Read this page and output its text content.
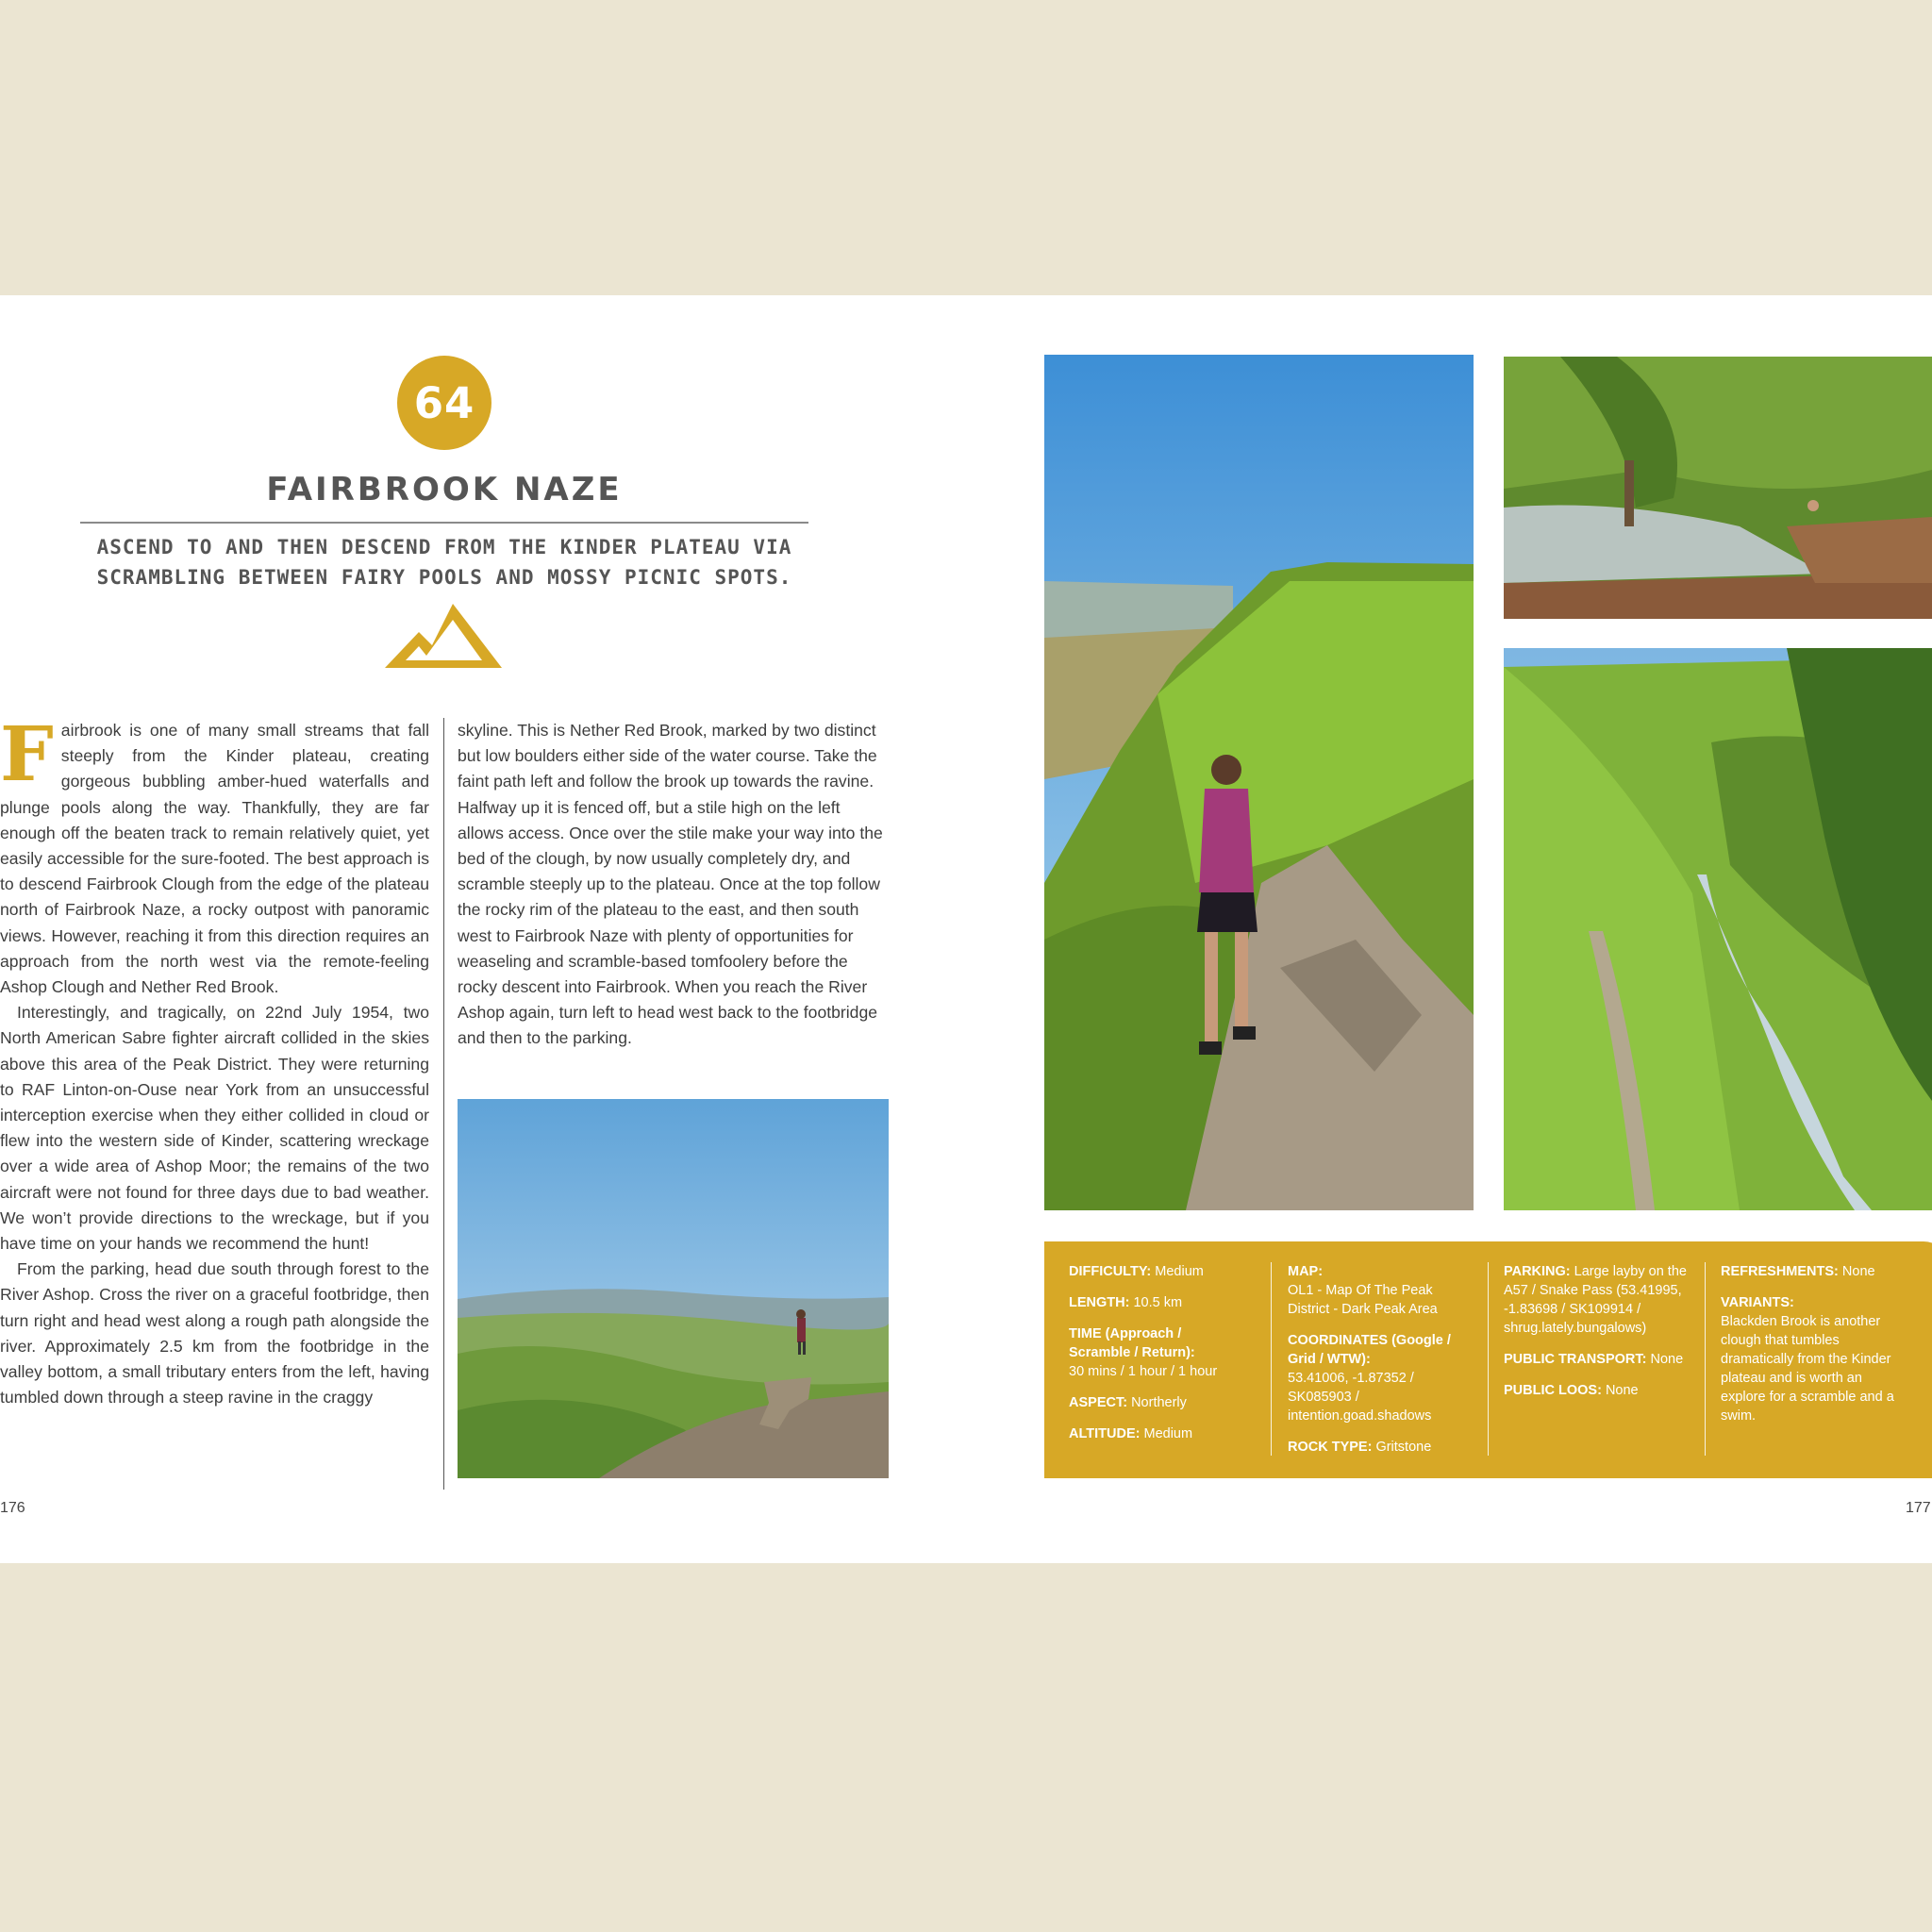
64
FAIRBROOK NAZE
ASCEND TO AND THEN DESCEND FROM THE KINDER PLATEAU VIA
SCRAMBLING BETWEEN FAIRY POOLS AND MOSSY PICNIC SPOTS.

Fairbrook is one of many small streams that fall steeply from the Kinder plateau, creating gorgeous bubbling amber-hued waterfalls and plunge pools along the way. Thankfully, they are far enough off the beaten track to remain relatively quiet, yet easily accessible for the sure-footed. The best approach is to descend Fairbrook Clough from the edge of the plateau north of Fairbrook Naze, a rocky outpost with panoramic views. However, reaching it from this direction requires an approach from the north west via the remote-feeling Ashop Clough and Nether Red Brook.

Interestingly, and tragically, on 22nd July 1954, two North American Sabre fighter aircraft collided in the skies above this area of the Peak District. They were returning to RAF Linton-on-Ouse near York from an unsuccessful interception exercise when they either collided in cloud or flew into the western side of Kinder, scattering wreckage over a wide area of Ashop Moor; the remains of the two aircraft were not found for three days due to bad weather. We won’t provide directions to the wreckage, but if you have time on your hands we recommend the hunt!

From the parking, head due south through forest to the River Ashop. Cross the river on a graceful footbridge, then turn right and head west along a rough path alongside the river. Approximately 2.5 km from the footbridge in the valley bottom, a small tributary enters from the left, having tumbled down through a steep ravine in the craggy

skyline. This is Nether Red Brook, marked by two distinct but low boulders either side of the water course. Take the faint path left and follow the brook up towards the ravine. Halfway up it is fenced off, but a stile high on the left allows access. Once over the stile make your way into the bed of the clough, by now usually completely dry, and scramble steeply up to the plateau. Once at the top follow the rocky rim of the plateau to the east, and then south west to Fairbrook Naze with plenty of opportunities for weaseling and scramble-based tomfoolery before the rocky descent into Fairbrook. When you reach the River Ashop again, turn left to head west back to the footbridge and then to the parking.

DIFFICULTY: Medium
LENGTH: 10.5 km
TIME (Approach / Scramble / Return):
30 mins / 1 hour / 1 hour
ASPECT: Northerly
ALTITUDE: Medium
MAP:
OL1 - Map Of The Peak District - Dark Peak Area
COORDINATES (Google / Grid / WTW):
53.41006, -1.87352 / SK085903 / intention.goad.shadows
ROCK TYPE: Gritstone
PARKING: Large layby on the A57 / Snake Pass (53.41995, -1.83698 / SK109914 / shrug.lately.bungalows)
PUBLIC TRANSPORT: None
PUBLIC LOOS: None
REFRESHMENTS: None
VARIANTS:
Blackden Brook is another clough that tumbles dramatically from the Kinder plateau and is worth an explore for a scramble and a swim.
176	177
